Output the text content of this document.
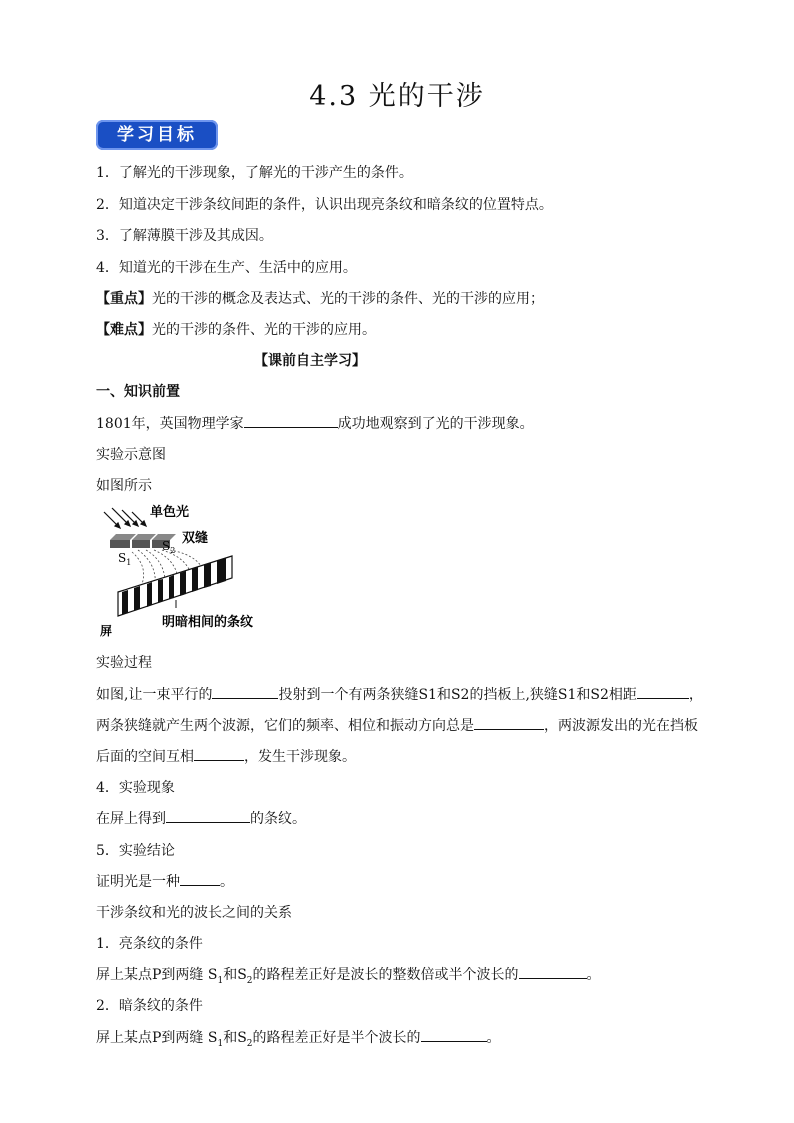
4.3 光的干涉
学习目标
1．了解光的干涉现象，了解光的干涉产生的条件。
2．知道决定干涉条纹间距的条件，认识出现亮条纹和暗条纹的位置特点。
3．了解薄膜干涉及其成因。
4．知道光的干涉在生产、生活中的应用。
【重点】光的干涉的概念及表达式、光的干涉的条件、光的干涉的应用；
【难点】光的干涉的条件、光的干涉的应用。
【课前自主学习】
一、知识前置
1801年，英国物理学家	成功地观察到了光的干涉现象。
实验示意图
如图所示
单色光
$S_1$
$S_2$
双缝
屏
明暗相间的条纹
实验过程
如图,让一束平行的	投射到一个有两条狭缝S1和S2的挡板上,狭缝S1和S2相距	，
两条狭缝就产生两个波源，它们的频率、相位和振动方向总是	，两波源发出的光在挡板
后面的空间互相	，发生干涉现象。
4．实验现象
在屏上得到	的条纹。
5．实验结论
证明光是一种	。
干涉条纹和光的波长之间的关系
1．亮条纹的条件
屏上某点P到两缝 $S_1$和$S_2$的路程差正好是波长的整数倍或半个波长的	。
2．暗条纹的条件
屏上某点P到两缝 $S_1$和$S_2$的路程差正好是半个波长的	。
